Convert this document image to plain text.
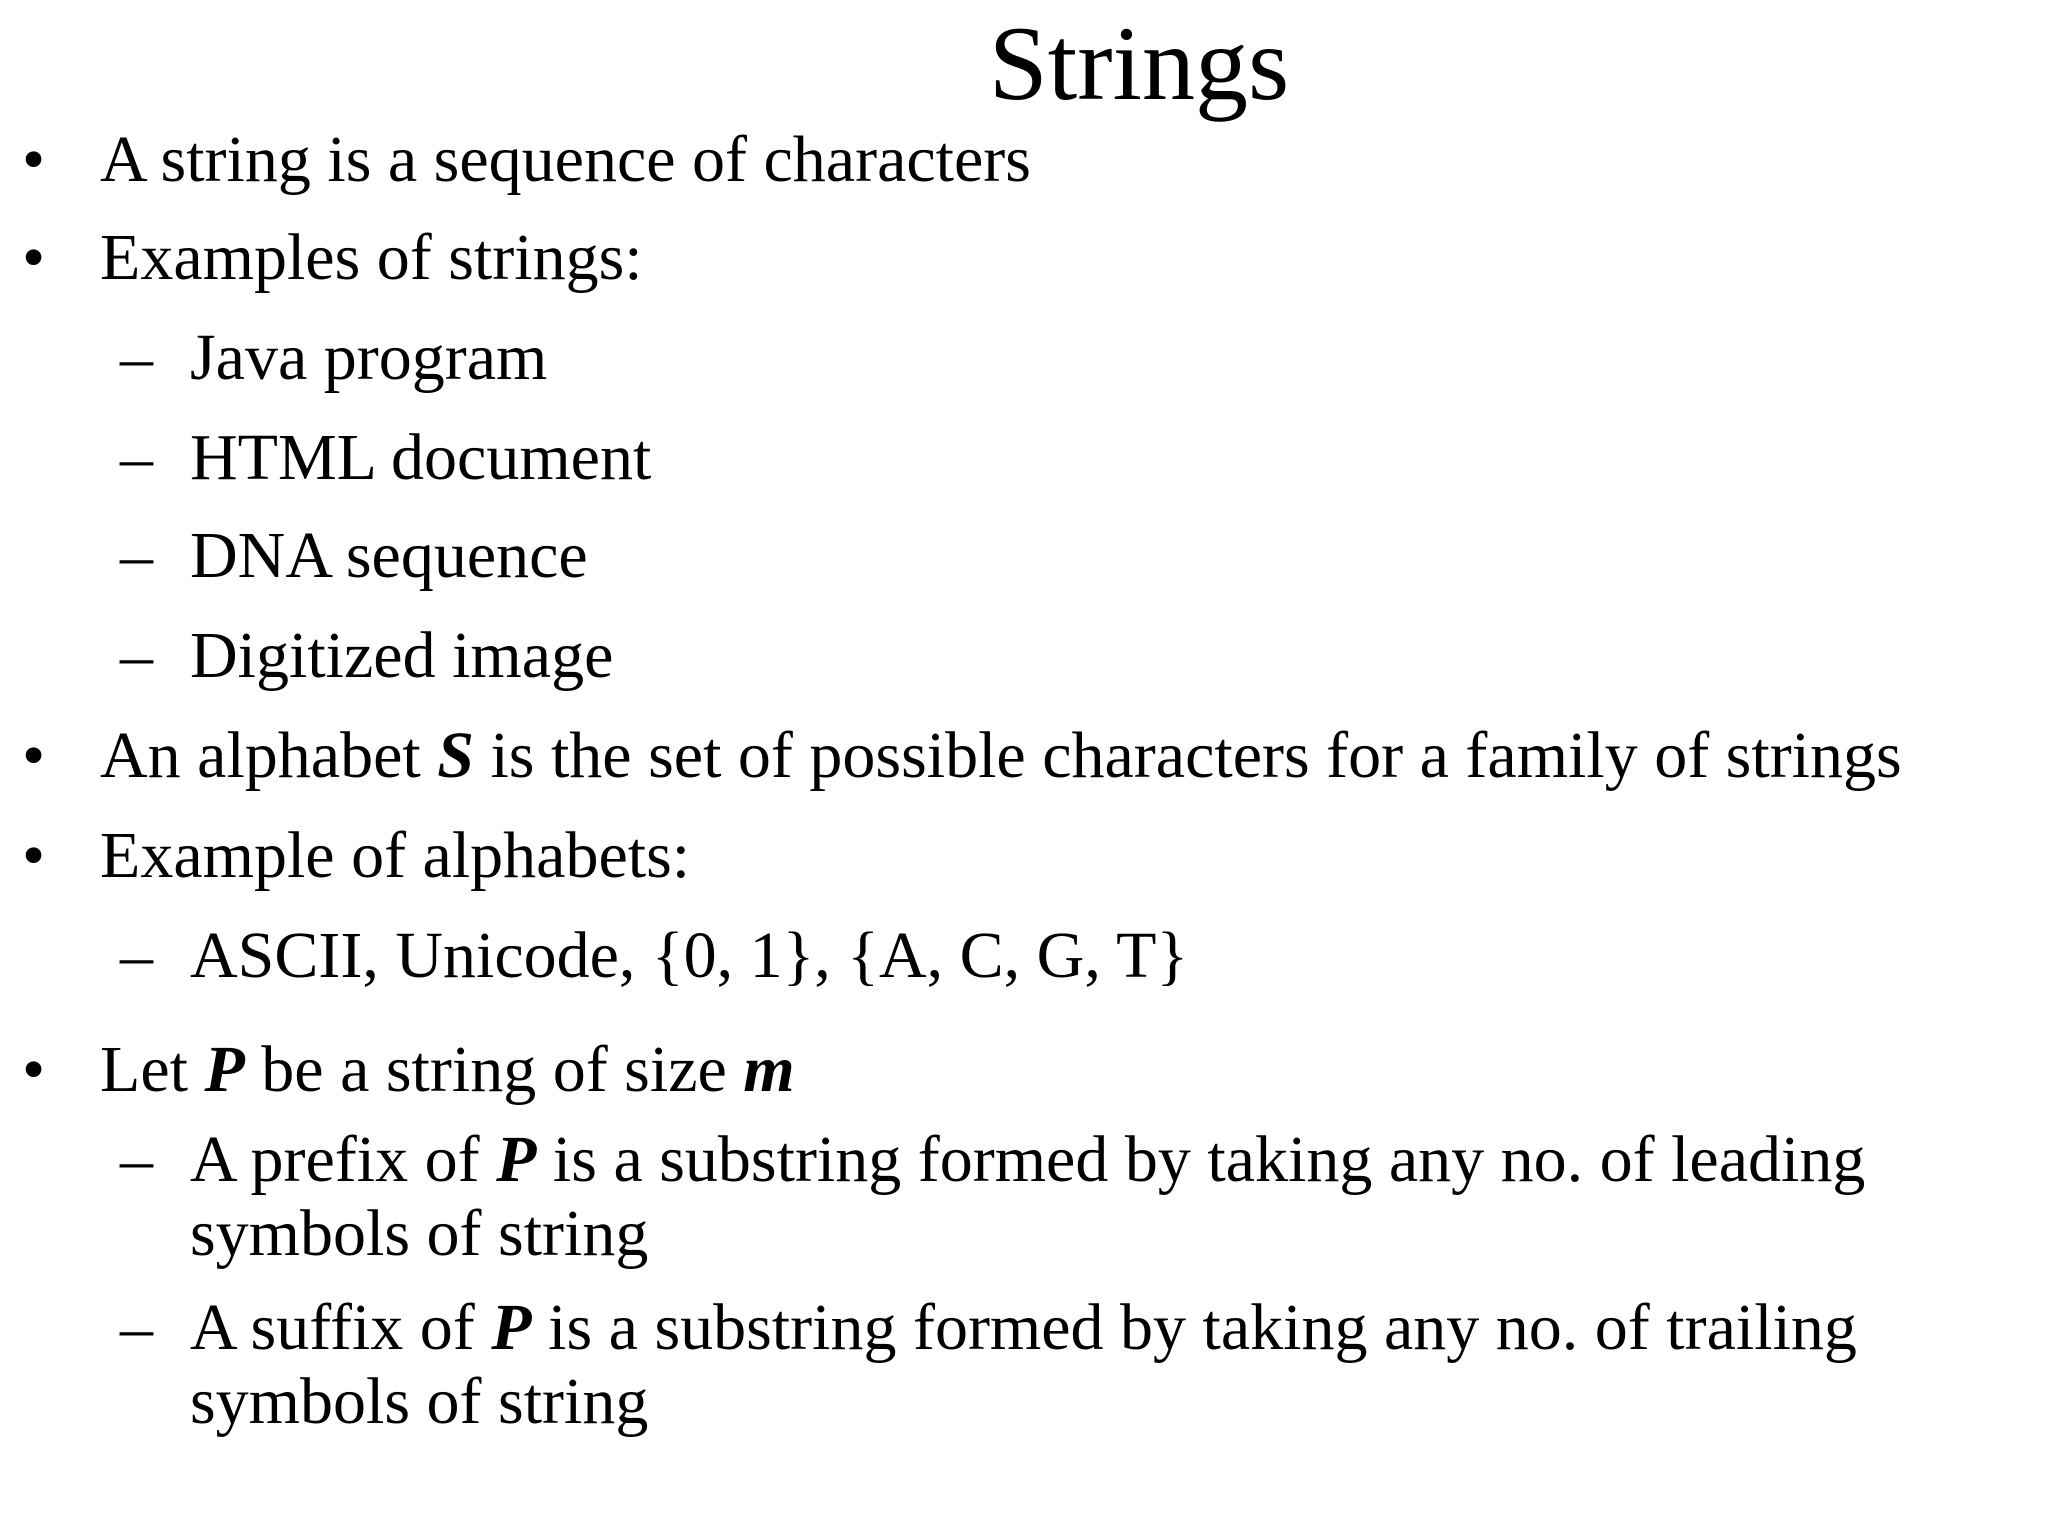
Strings
• A string is a sequence of characters
• Examples of strings:
– Java program
– HTML document
– DNA sequence
– Digitized image
• An alphabet S is the set of possible characters for a family of strings
• Example of alphabets:
– ASCII, Unicode, {0, 1}, {A, C, G, T}
• Let P be a string of size m
– A prefix of P is a substring formed by taking any no. of leading
symbols of string
– A suffix of P is a substring formed by taking any no. of trailing
symbols of string
